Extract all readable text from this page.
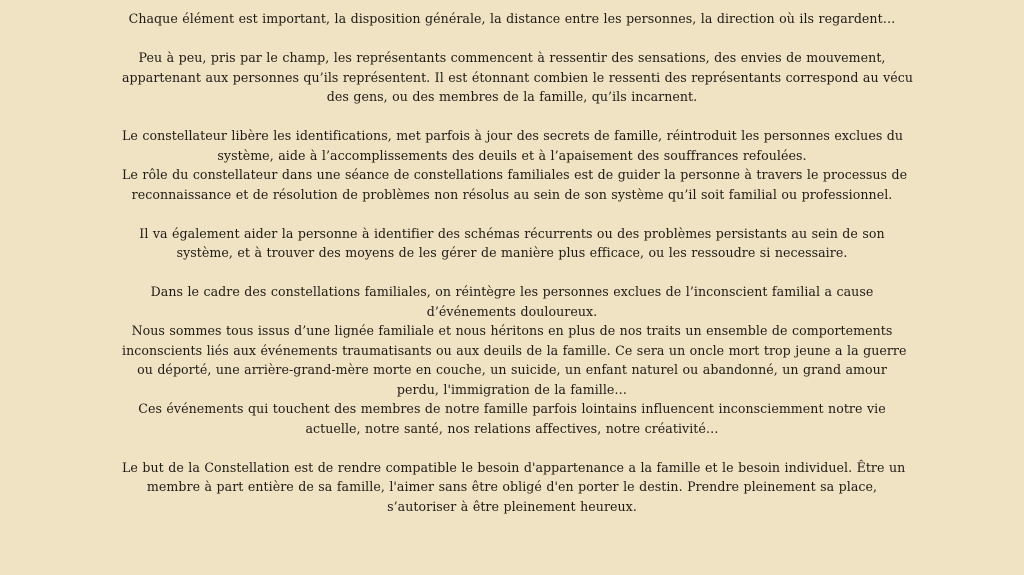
Chaque élément est important, la disposition générale, la distance entre les personnes, la direction où ils regardent…

Peu à peu, pris par le champ, les représentants commencent à ressentir des sensations, des envies de mouvement,
appartenant aux personnes qu’ils représentent. Il est étonnant combien le ressenti des représentants correspond au vécu
des gens, ou des membres de la famille, qu’ils incarnent.

Le constellateur libère les identifications, met parfois à jour des secrets de famille, réintroduit les personnes exclues du
système, aide à l’accomplissements des deuils et à l’apaisement des souffrances refoulées.
Le rôle du constellateur dans une séance de constellations familiales est de guider la personne à travers le processus de
reconnaissance et de résolution de problèmes non résolus au sein de son système qu’il soit familial ou professionnel.

Il va également aider la personne à identifier des schémas récurrents ou des problèmes persistants au sein de son
système, et à trouver des moyens de les gérer de manière plus efficace, ou les ressoudre si necessaire.

Dans le cadre des constellations familiales, on réintègre les personnes exclues de l’inconscient familial a cause
d’événements douloureux.
Nous sommes tous issus d’une lignée familiale et nous héritons en plus de nos traits un ensemble de comportements
inconscients liés aux événements traumatisants ou aux deuils de la famille. Ce sera un oncle mort trop jeune a la guerre
ou déporté, une arrière-grand-mère morte en couche, un suicide, un enfant naturel ou abandonné, un grand amour
perdu, l'immigration de la famille…
Ces événements qui touchent des membres de notre famille parfois lointains influencent inconsciemment notre vie
actuelle, notre santé, nos relations affectives, notre créativité…

Le but de la Constellation est de rendre compatible le besoin d'appartenance a la famille et le besoin individuel. Être un
membre à part entière de sa famille, l'aimer sans être obligé d'en porter le destin. Prendre pleinement sa place,
s’autoriser à être pleinement heureux.
